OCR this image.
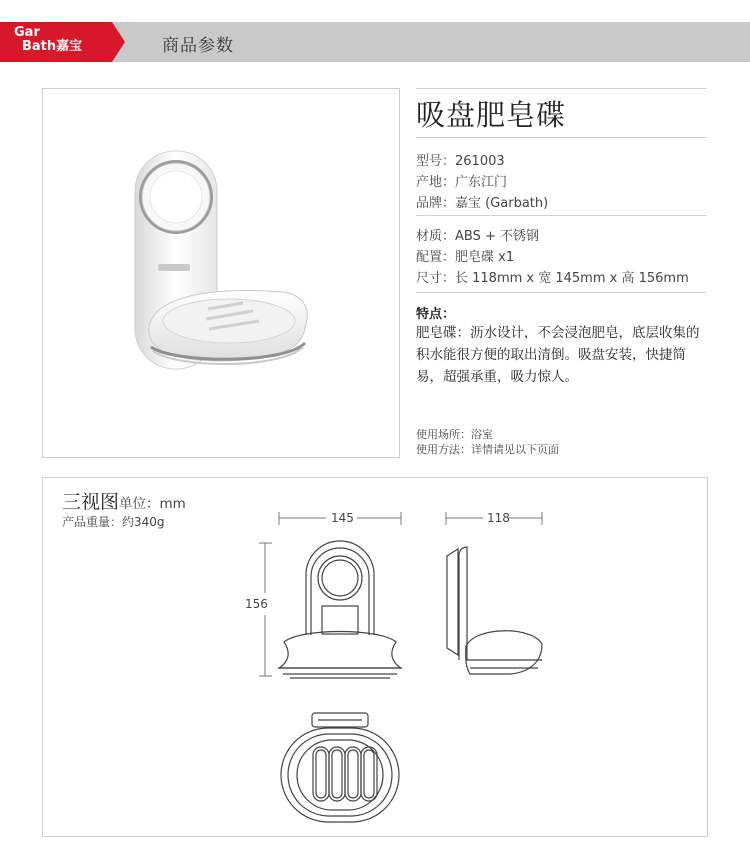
Gar
Bath嘉宝	商品参数
吸盘肥皂碟
型号：261003
产地：广东江门
品牌：嘉宝 (Garbath)
材质：ABS + 不锈钢
配置：肥皂碟 x1
尺寸：长 118mm x 宽 145mm x 高 156mm
特点：
肥皂碟：沥水设计，不会浸泡肥皂，底层收集的积水能很方便的取出清倒。吸盘安装，快捷简易，超强承重，吸力惊人。
使用场所：浴室
使用方法：详情请见以下页面
三视图单位：mm
产品重量：约340g	145	118
156
